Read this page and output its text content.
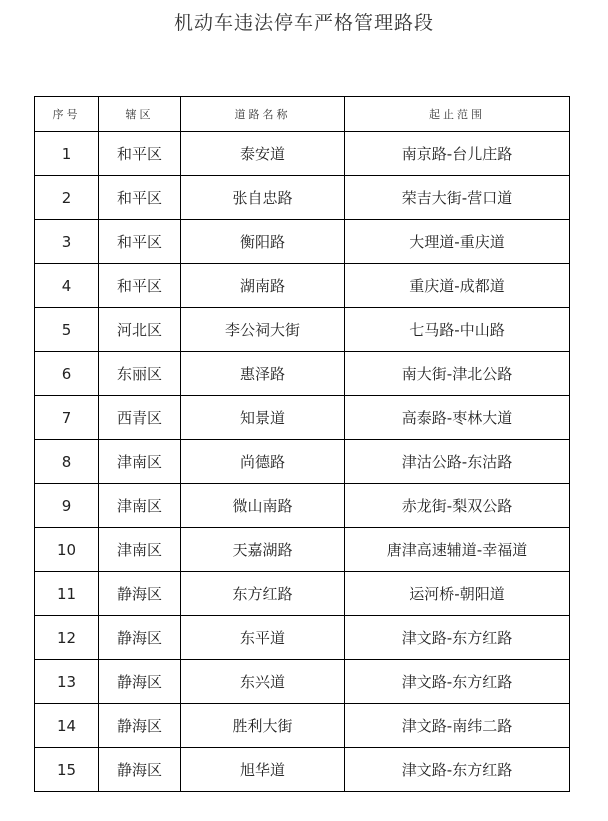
机动车违法停车严格管理路段
序号	辖区	道路名称	起止范围
1	和平区	泰安道	南京路-台儿庄路
2	和平区	张自忠路	荣吉大街-营口道
3	和平区	衡阳路	大理道-重庆道
4	和平区	湖南路	重庆道-成都道
5	河北区	李公祠大街	七马路-中山路
6	东丽区	惠泽路	南大街-津北公路
7	西青区	知景道	高泰路-枣林大道
8	津南区	尚德路	津沽公路-东沽路
9	津南区	微山南路	赤龙街-梨双公路
10	津南区	天嘉湖路	唐津高速辅道-幸福道
11	静海区	东方红路	运河桥-朝阳道
12	静海区	东平道	津文路-东方红路
13	静海区	东兴道	津文路-东方红路
14	静海区	胜利大街	津文路-南纬二路
15	静海区	旭华道	津文路-东方红路
